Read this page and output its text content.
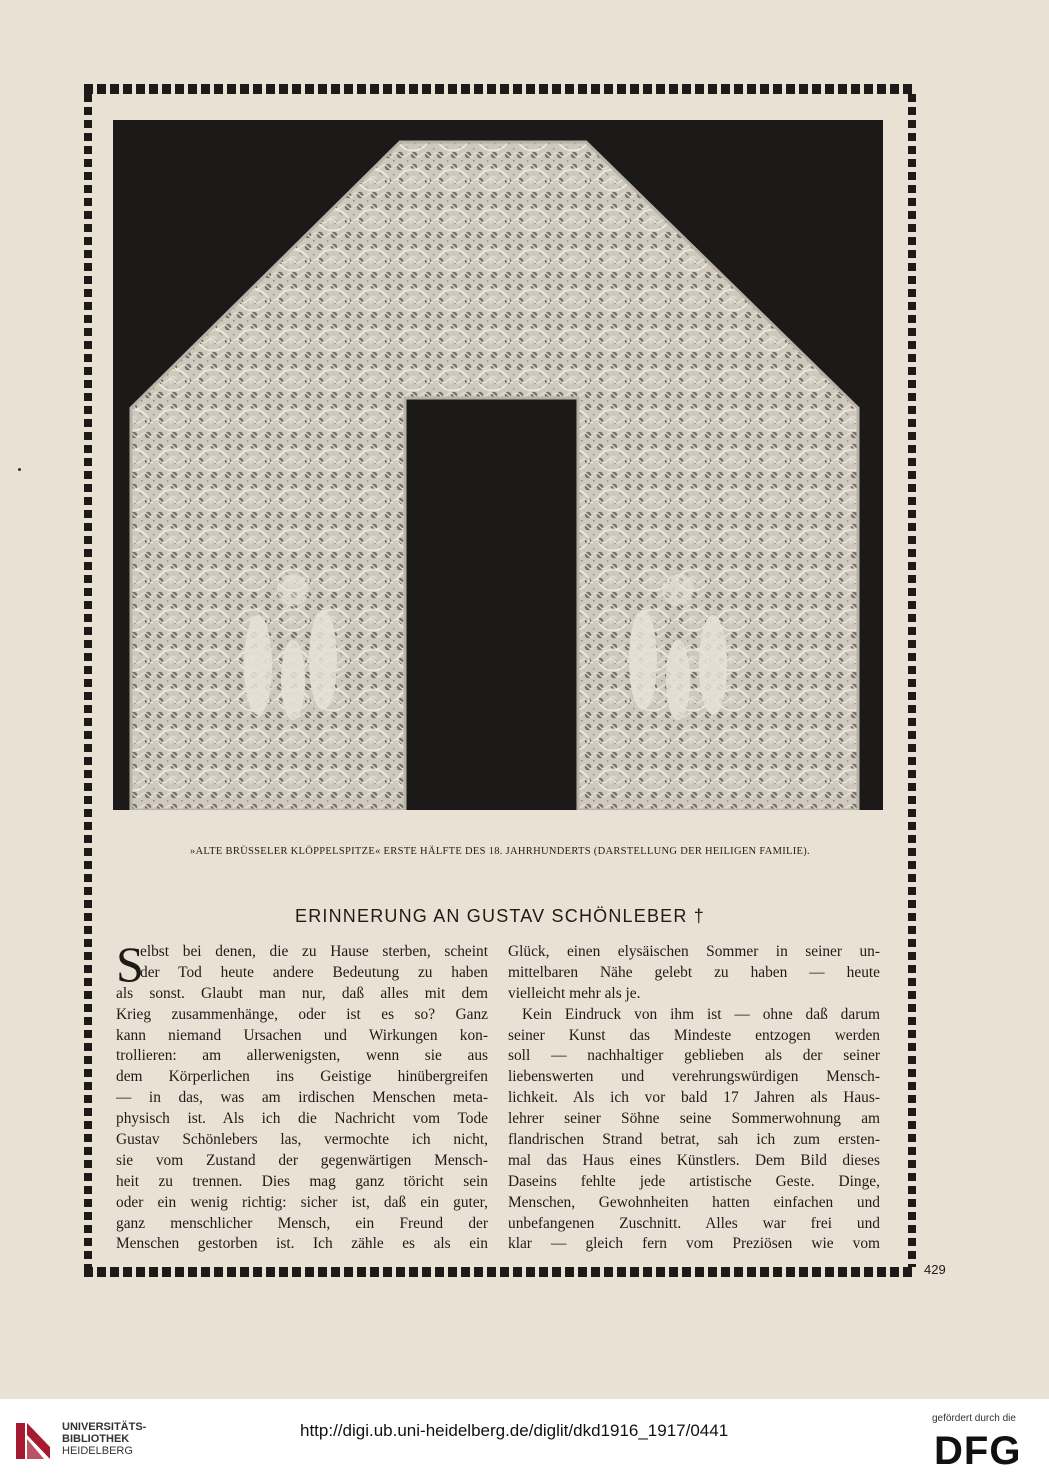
»ALTE BRÜSSELER KLÖPPELSPITZE« ERSTE HÄLFTE DES 18. JAHRHUNDERTS (DARSTELLUNG DER HEILIGEN FAMILIE).
ERINNERUNG AN GUSTAV SCHÖNLEBER †
S
elbst bei denen, die zu Hause sterben, scheint
der Tod heute andere Bedeutung zu haben
als sonst. Glaubt man nur, daß alles mit dem
Krieg zusammenhänge, oder ist es so? Ganz
kann niemand Ursachen und Wirkungen kon-
trollieren: am allerwenigsten, wenn sie aus
dem Körperlichen ins Geistige hinübergreifen
— in das, was am irdischen Menschen meta-
physisch ist. Als ich die Nachricht vom Tode
Gustav Schönlebers las, vermochte ich nicht,
sie vom Zustand der gegenwärtigen Mensch-
heit zu trennen. Dies mag ganz töricht sein
oder ein wenig richtig: sicher ist, daß ein guter,
ganz menschlicher Mensch, ein Freund der
Menschen gestorben ist. Ich zähle es als ein
Glück, einen elysäischen Sommer in seiner un-
mittelbaren Nähe gelebt zu haben — heute
vielleicht mehr als je.
Kein Eindruck von ihm ist — ohne daß darum
seiner Kunst das Mindeste entzogen werden
soll — nachhaltiger geblieben als der seiner
liebenswerten und verehrungswürdigen Mensch-
lichkeit. Als ich vor bald 17 Jahren als Haus-
lehrer seiner Söhne seine Sommerwohnung am
flandrischen Strand betrat, sah ich zum ersten-
mal das Haus eines Künstlers. Dem Bild dieses
Daseins fehlte jede artistische Geste. Dinge,
Menschen, Gewohnheiten hatten einfachen und
unbefangenen Zuschnitt. Alles war frei und
klar — gleich fern vom Preziösen wie vom
429
UNIVERSITÄTS-
BIBLIOTHEK
HEIDELBERG
http://digi.ub.uni-heidelberg.de/diglit/dkd1916_1917/0441
gefördert durch die
DFG
